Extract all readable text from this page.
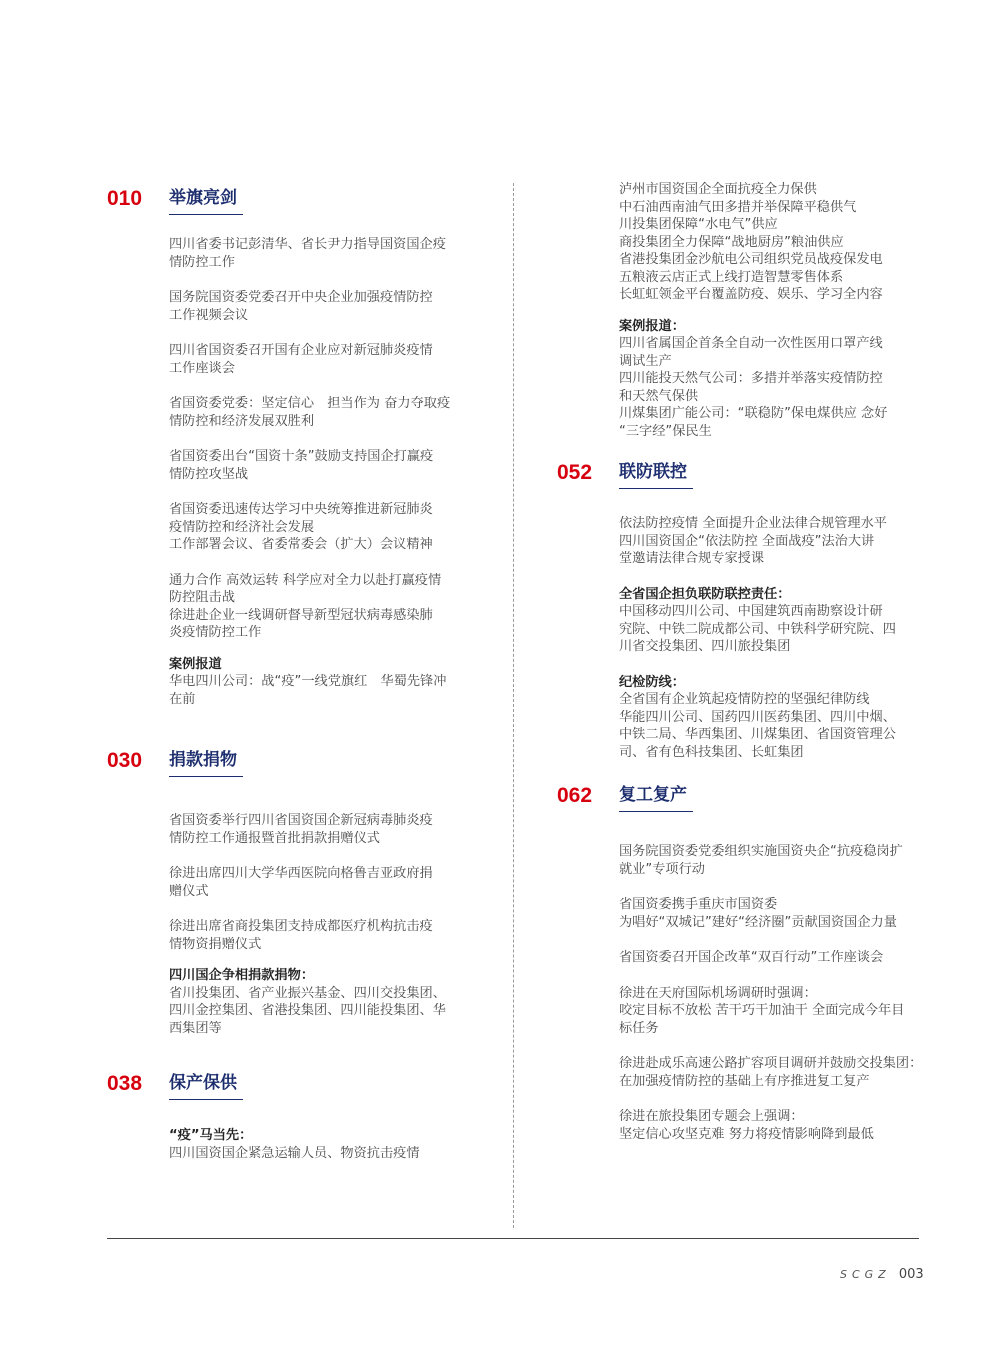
010	举旗亮剑
四川省委书记彭清华、省长尹力指导国资国企疫
情防控工作
国务院国资委党委召开中央企业加强疫情防控
工作视频会议
四川省国资委召开国有企业应对新冠肺炎疫情
工作座谈会
省国资委党委：坚定信心　担当作为 奋力夺取疫
情防控和经济发展双胜利
省国资委出台“国资十条”鼓励支持国企打赢疫
情防控攻坚战
省国资委迅速传达学习中央统筹推进新冠肺炎
疫情防控和经济社会发展
工作部署会议、省委常委会（扩大）会议精神
通力合作 高效运转 科学应对全力以赴打赢疫情
防控阻击战
徐进赴企业一线调研督导新型冠状病毒感染肺
炎疫情防控工作
案例报道
华电四川公司：战“疫”一线党旗红　华蜀先锋冲
在前
030	捐款捐物
省国资委举行四川省国资国企新冠病毒肺炎疫
情防控工作通报暨首批捐款捐赠仪式
徐进出席四川大学华西医院向格鲁吉亚政府捐
赠仪式
徐进出席省商投集团支持成都医疗机构抗击疫
情物资捐赠仪式
四川国企争相捐款捐物：
省川投集团、省产业振兴基金、四川交投集团、
四川金控集团、省港投集团、四川能投集团、华
西集团等
038	保产保供
“疫”马当先：
四川国资国企紧急运输人员、物资抗击疫情
泸州市国资国企全面抗疫全力保供
中石油西南油气田多措并举保障平稳供气
川投集团保障“水电气”供应
商投集团全力保障“战地厨房”粮油供应
省港投集团金沙航电公司组织党员战疫保发电
五粮液云店正式上线打造智慧零售体系
长虹虹领金平台覆盖防疫、娱乐、学习全内容
案例报道：
四川省属国企首条全自动一次性医用口罩产线
调试生产
四川能投天然气公司：多措并举落实疫情防控
和天然气保供
川煤集团广能公司：“联稳防”保电煤供应 念好
“三字经”保民生
052	联防联控
依法防控疫情 全面提升企业法律合规管理水平
四川国资国企“依法防控 全面战疫”法治大讲
堂邀请法律合规专家授课
全省国企担负联防联控责任：
中国移动四川公司、中国建筑西南勘察设计研
究院、中铁二院成都公司、中铁科学研究院、四
川省交投集团、四川旅投集团
纪检防线：
全省国有企业筑起疫情防控的坚强纪律防线
华能四川公司、国药四川医药集团、四川中烟、
中铁二局、华西集团、川煤集团、省国资管理公
司、省有色科技集团、长虹集团
062	复工复产
国务院国资委党委组织实施国资央企“抗疫稳岗扩
就业”专项行动
省国资委携手重庆市国资委
为唱好“双城记”建好“经济圈”贡献国资国企力量
省国资委召开国企改革“双百行动”工作座谈会
徐进在天府国际机场调研时强调：
咬定目标不放松 苦干巧干加油干 全面完成今年目
标任务
徐进赴成乐高速公路扩容项目调研并鼓励交投集团：
在加强疫情防控的基础上有序推进复工复产
徐进在旅投集团专题会上强调：
坚定信心攻坚克难 努力将疫情影响降到最低
SCGZ 003
